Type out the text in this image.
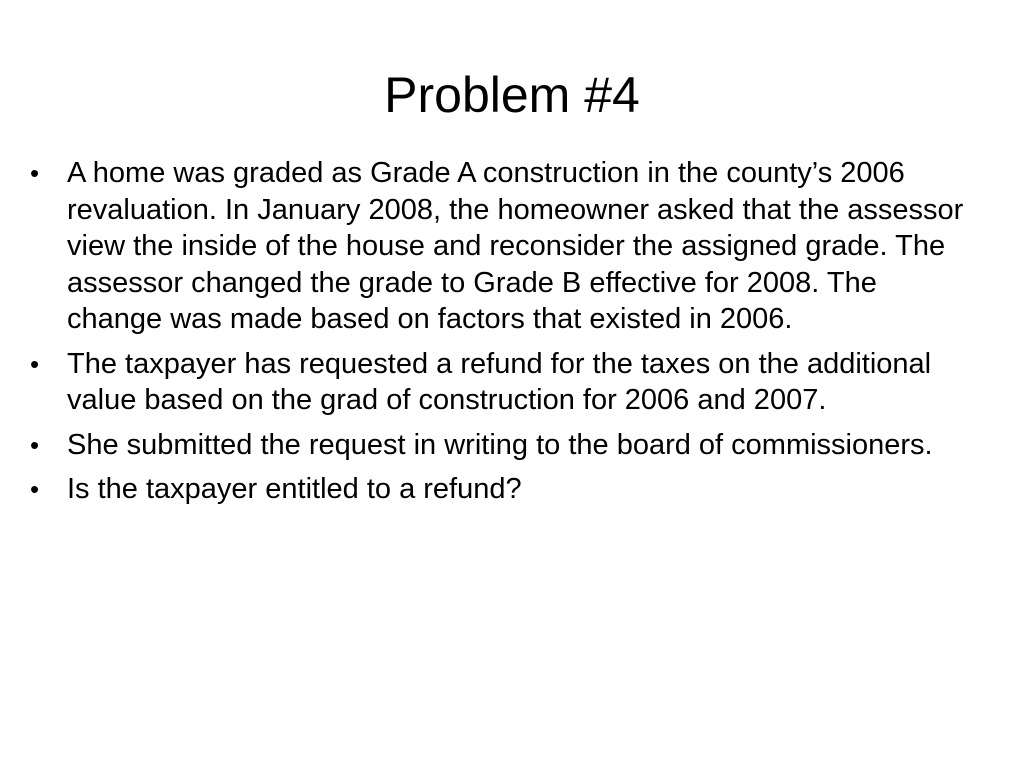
Problem #4
• A home was graded as Grade A construction in the county’s 2006 revaluation. In January 2008, the homeowner asked that the assessor view the inside of the house and reconsider the assigned grade. The assessor changed the grade to Grade B effective for 2008. The change was made based on factors that existed in 2006.
• The taxpayer has requested a refund for the taxes on the additional value based on the grad of construction for 2006 and 2007.
• She submitted the request in writing to the board of commissioners.
• Is the taxpayer entitled to a refund?
